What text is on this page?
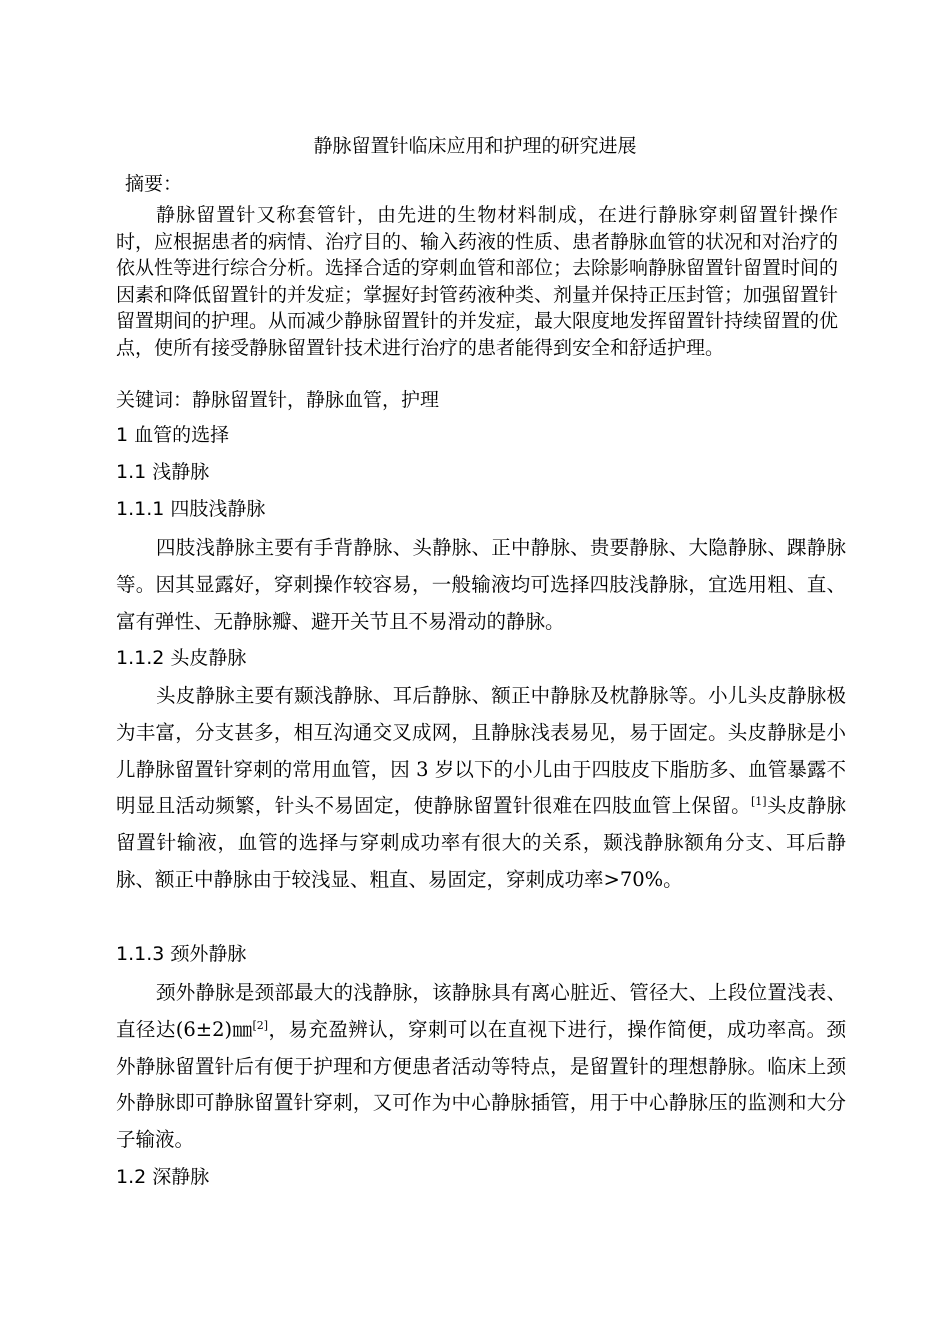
静脉留置针临床应用和护理的研究进展
摘要：

静脉留置针又称套管针，由先进的生物材料制成，在进行静脉穿刺留置针操作时，应根据患者的病情、治疗目的、输入药液的性质、患者静脉血管的状况和对治疗的依从性等进行综合分析。选择合适的穿刺血管和部位；去除影响静脉留置针留置时间的因素和降低留置针的并发症；掌握好封管药液种类、剂量并保持正压封管；加强留置针留置期间的护理。从而减少静脉留置针的并发症，最大限度地发挥留置针持续留置的优点，使所有接受静脉留置针技术进行治疗的患者能得到安全和舒适护理。

关键词：静脉留置针，静脉血管，护理
1 血管的选择
1.1 浅静脉
1.1.1 四肢浅静脉

四肢浅静脉主要有手背静脉、头静脉、正中静脉、贵要静脉、大隐静脉、踝静脉等。因其显露好，穿刺操作较容易，一般输液均可选择四肢浅静脉，宜选用粗、直、富有弹性、无静脉瓣、避开关节且不易滑动的静脉。

1.1.2 头皮静脉

头皮静脉主要有颞浅静脉、耳后静脉、额正中静脉及枕静脉等。小儿头皮静脉极为丰富，分支甚多，相互沟通交叉成网，且静脉浅表易见，易于固定。头皮静脉是小儿静脉留置针穿刺的常用血管，因 3 岁以下的小儿由于四肢皮下脂肪多、血管暴露不明显且活动频繁，针头不易固定，使静脉留置针很难在四肢血管上保留。[1]头皮静脉留置针输液，血管的选择与穿刺成功率有很大的关系，颞浅静脉额角分支、耳后静脉、额正中静脉由于较浅显、粗直、易固定，穿刺成功率>70%。

1.1.3 颈外静脉

颈外静脉是颈部最大的浅静脉，该静脉具有离心脏近、管径大、上段位置浅表、直径达(6±2)㎜[2]，易充盈辨认，穿刺可以在直视下进行，操作简便，成功率高。颈外静脉留置针后有便于护理和方便患者活动等特点，是留置针的理想静脉。临床上颈外静脉即可静脉留置针穿刺，又可作为中心静脉插管，用于中心静脉压的监测和大分子输液。

1.2 深静脉
